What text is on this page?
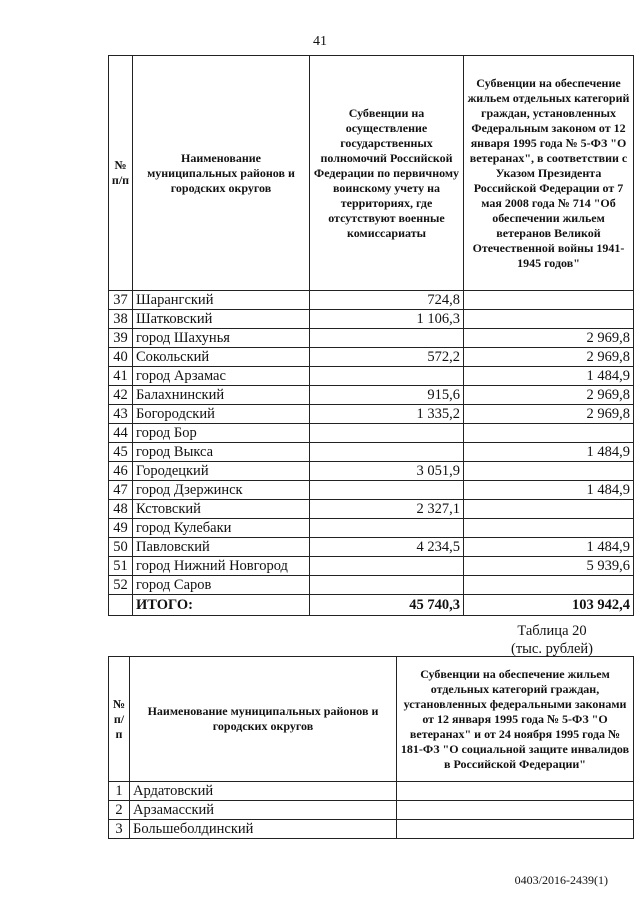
41
№ п/п	Наименование муниципальных районов и городских округов	Субвенции на осуществление государственных полномочий Российской Федерации по первичному воинскому учету на территориях, где отсутствуют военные комиссариаты	Субвенции на обеспечение жильем отдельных категорий граждан, установленных Федеральным законом от 12 января 1995 года № 5-ФЗ "О ветеранах", в соответствии с Указом Президента Российской Федерации от 7 мая 2008 года № 714 "Об обеспечении жильем ветеранов Великой Отечественной войны 1941-1945 годов"
37	Шарангский	724,8	
38	Шатковский	1 106,3	
39	город Шахунья		2 969,8
40	Сокольский	572,2	2 969,8
41	город Арзамас		1 484,9
42	Балахнинский	915,6	2 969,8
43	Богородский	1 335,2	2 969,8
44	город Бор		
45	город Выкса		1 484,9
46	Городецкий	3 051,9	
47	город Дзержинск		1 484,9
48	Кстовский	2 327,1	
49	город Кулебаки		
50	Павловский	4 234,5	1 484,9
51	город Нижний Новгород		5 939,6
52	город Саров		
	ИТОГО:	45 740,3	103 942,4
Таблица 20
(тыс. рублей)
№ п/п	Наименование муниципальных районов и городских округов	Субвенции на обеспечение жильем отдельных категорий граждан, установленных федеральными законами от 12 января 1995 года № 5-ФЗ "О ветеранах" и от 24 ноября 1995 года № 181-ФЗ "О социальной защите инвалидов в Российской Федерации"
1	Ардатовский	
2	Арзамасский	
3	Большеболдинский	
0403/2016-2439(1)
